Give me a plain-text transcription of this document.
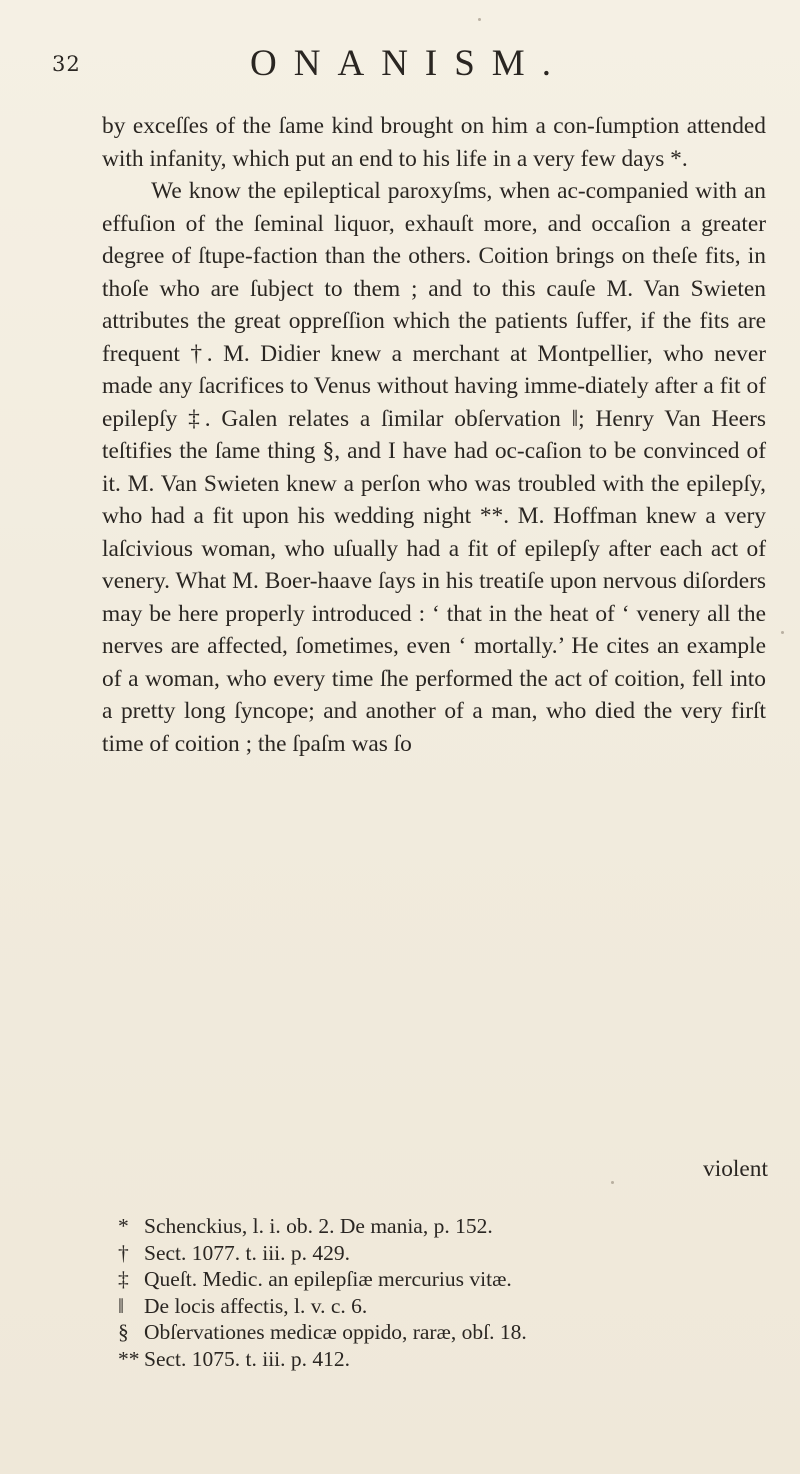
32	ONANISM.

by exceſſes of the ſame kind brought on him a con-ſumption attended with infanity, which put an end to his life in a very few days *.

We know the epileptical paroxyſms, when ac-companied with an effuſion of the ſeminal liquor, exhauſt more, and occaſion a greater degree of ſtupe-faction than the others. Coition brings on theſe fits, in thoſe who are ſubject to them ; and to this cauſe M. Van Swieten attributes the great oppreſſion which the patients ſuffer, if the fits are frequent †. M. Didier knew a merchant at Montpellier, who never made any ſacrifices to Venus without having imme-diately after a fit of epilepſy ‡. Galen relates a ſimilar obſervation ‖; Henry Van Heers teſtifies the ſame thing §, and I have had oc-caſion to be convinced of it. M. Van Swieten knew a perſon who was troubled with the epilepſy, who had a fit upon his wedding night **. M. Hoffman knew a very laſcivious woman, who uſually had a fit of epilepſy after each act of venery. What M. Boer-haave ſays in his treatiſe upon nervous diſorders may be here properly introduced : ‘ that in the heat of ‘ venery all the nerves are affected, ſometimes, even ‘ mortally.’ He cites an example of a woman, who every time ſhe performed the act of coition, fell into a pretty long ſyncope; and another of a man, who died the very firſt time of coition ; the ſpaſm was ſo

violent
* Schenckius, l. i. ob. 2. De mania, p. 152.
† Sect. 1077. t. iii. p. 429.
‡ Queſt. Medic. an epilepſiæ mercurius vitæ.
‖ De locis affectis, l. v. c. 6.
§ Obſervationes medicæ oppido, raræ, obſ. 18.
** Sect. 1075. t. iii. p. 412.
